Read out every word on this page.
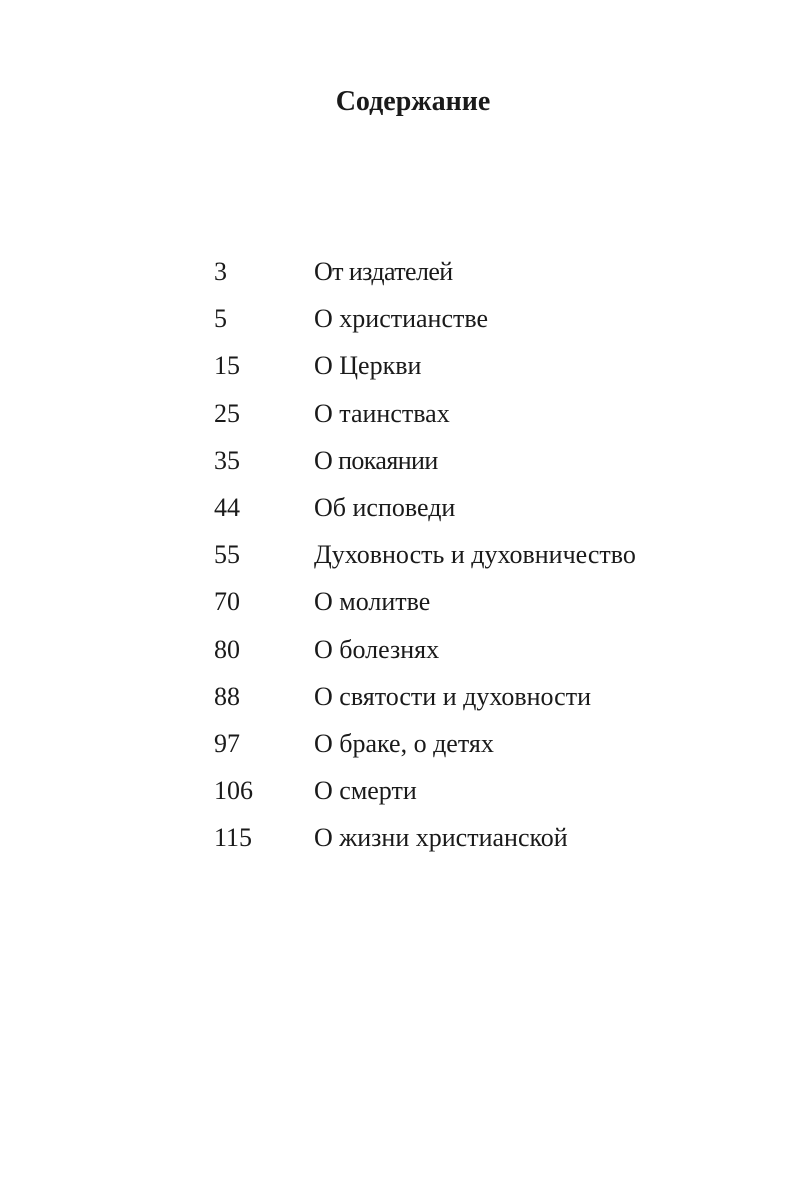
Содержание
3	От издателей
5	О христианстве
15	О Церкви
25	О таинствах
35	О покаянии
44	Об исповеди
55	Духовность и духовничество
70	О молитве
80	О болезнях
88	О святости и духовности
97	О браке, о детях
106	О смерти
115	О жизни христианской
